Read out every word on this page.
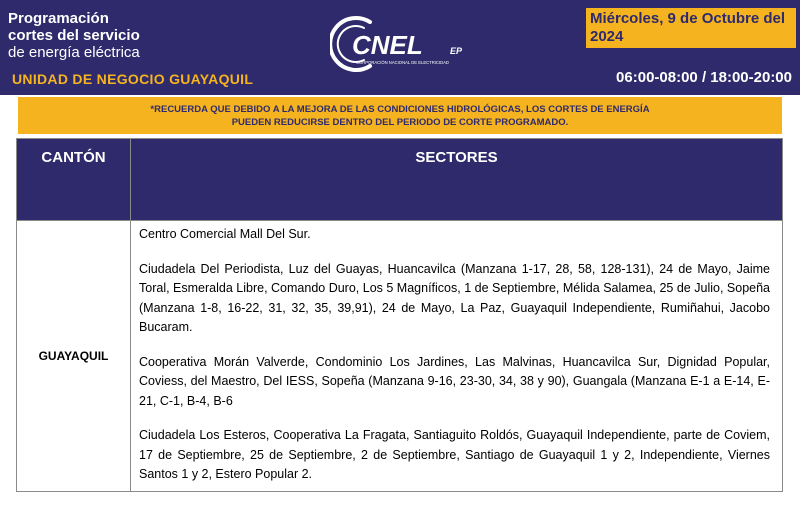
Programación
cortes del servicio
de energía eléctrica
UNIDAD DE NEGOCIO GUAYAQUIL
CNEL	EP
CORPORACIÓN NACIONAL DE ELECTRICIDAD
Miércoles, 9 de Octubre del 2024
06:00-08:00 / 18:00-20:00
*RECUERDA QUE DEBIDO A LA MEJORA DE LAS CONDICIONES HIDROLÓGICAS, LOS CORTES DE ENERGÍA
PUEDEN REDUCIRSE DENTRO DEL PERIODO DE CORTE PROGRAMADO.
CANTÓN	SECTORES
GUAYAQUIL	Centro Comercial Mall Del Sur.

Ciudadela Del Periodista, Luz del Guayas, Huancavilca (Manzana 1-17, 28, 58, 128-131), 24 de Mayo, Jaime Toral, Esmeralda Libre, Comando Duro, Los 5 Magníficos, 1 de Septiembre, Mélida Salamea, 25 de Julio, Sopeña (Manzana 1-8, 16-22, 31, 32, 35, 39,91), 24 de Mayo, La Paz, Guayaquil Independiente, Rumiñahui, Jacobo Bucaram.

Cooperativa Morán Valverde, Condominio Los Jardines, Las Malvinas, Huancavilca Sur, Dignidad Popular, Coviess, del Maestro, Del IESS, Sopeña (Manzana 9-16, 23-30, 34, 38 y 90), Guangala (Manzana E-1 a E-14, E-21, C-1, B-4, B-6

Ciudadela Los Esteros, Cooperativa La Fragata, Santiaguito Roldós, Guayaquil Independiente, parte de Coviem, 17 de Septiembre, 25 de Septiembre, 2 de Septiembre, Santiago de Guayaquil 1 y 2, Independiente, Viernes Santos 1 y 2, Estero Popular 2.
